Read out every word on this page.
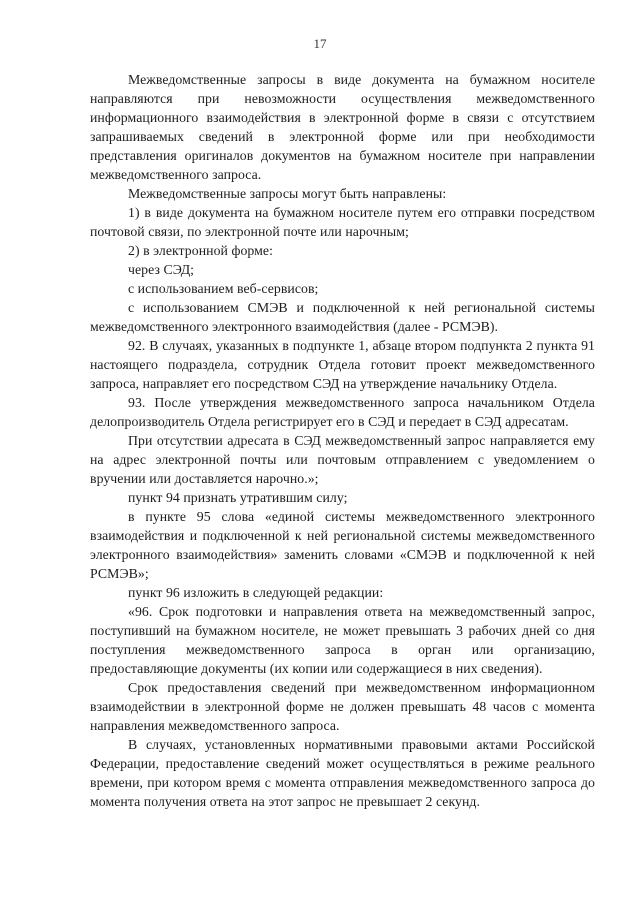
17

Межведомственные запросы в виде документа на бумажном носителе направляются при невозможности осуществления межведомственного информационного взаимодействия в электронной форме в связи с отсутствием запрашиваемых сведений в электронной форме или при необходимости представления оригиналов документов на бумажном носителе при направлении межведомственного запроса.

Межведомственные запросы могут быть направлены:

1) в виде документа на бумажном носителе путем его отправки посредством почтовой связи, по электронной почте или нарочным;

2) в электронной форме:

через СЭД;

с использованием веб-сервисов;

с использованием СМЭВ и подключенной к ней региональной системы межведомственного электронного взаимодействия (далее - РСМЭВ).

92. В случаях, указанных в подпункте 1, абзаце втором подпункта 2 пункта 91 настоящего подраздела, сотрудник Отдела готовит проект межведомственного запроса, направляет его посредством СЭД на утверждение начальнику Отдела.

93. После утверждения межведомственного запроса начальником Отдела делопроизводитель Отдела регистрирует его в СЭД и передает в СЭД адресатам.

При отсутствии адресата в СЭД межведомственный запрос направляется ему на адрес электронной почты или почтовым отправлением с уведомлением о вручении или доставляется нарочно.»;

пункт 94 признать утратившим силу;

в пункте 95 слова «единой системы межведомственного электронного взаимодействия и подключенной к ней региональной системы межведомственного электронного взаимодействия» заменить словами «СМЭВ и подключенной к ней РСМЭВ»;

пункт 96 изложить в следующей редакции:

«96. Срок подготовки и направления ответа на межведомственный запрос, поступивший на бумажном носителе, не может превышать 3 рабочих дней со дня поступления межведомственного запроса в орган или организацию, предоставляющие документы (их копии или содержащиеся в них сведения).

Срок предоставления сведений при межведомственном информационном взаимодействии в электронной форме не должен превышать 48 часов с момента направления межведомственного запроса.

В случаях, установленных нормативными правовыми актами Российской Федерации, предоставление сведений может осуществляться в режиме реального времени, при котором время с момента отправления межведомственного запроса до момента получения ответа на этот запрос не превышает 2 секунд.
